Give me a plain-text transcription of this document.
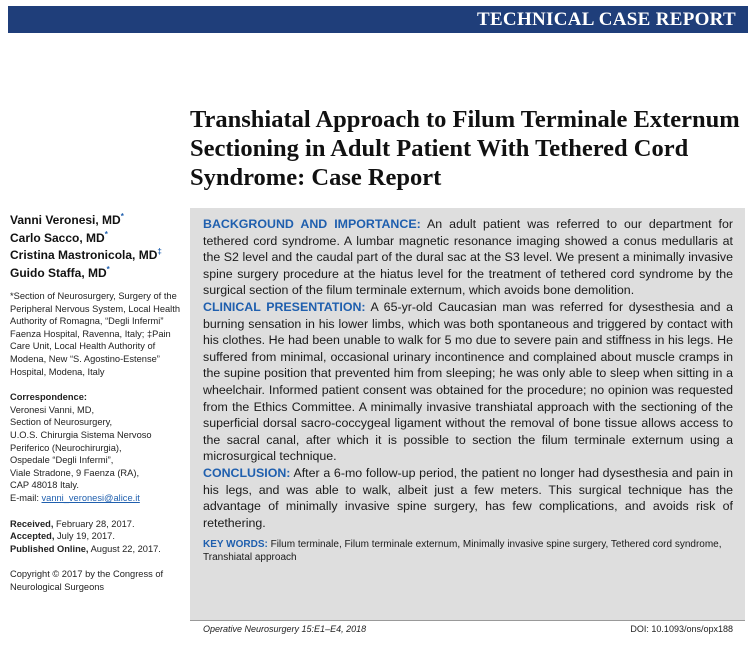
TECHNICAL CASE REPORT
Transhiatal Approach to Filum Terminale Externum Sectioning in Adult Patient With Tethered Cord Syndrome: Case Report
Vanni Veronesi, MD*
Carlo Sacco, MD*
Cristina Mastronicola, MD‡
Guido Staffa, MD*
*Section of Neurosurgery, Surgery of the Peripheral Nervous System, Local Health Authority of Romagna, “Degli Infermi” Faenza Hospital, Ravenna, Italy; ‡Pain Care Unit, Local Health Authority of Modena, New “S. Agostino-Estense” Hospital, Modena, Italy
Correspondence:
Veronesi Vanni, MD,
Section of Neurosurgery,
U.O.S. Chirurgia Sistema Nervoso
Periferico (Neurochirurgia),
Ospedale “Degli Infermi”,
Viale Stradone, 9 Faenza (RA),
CAP 48018 Italy.
E-mail: vanni_veronesi@alice.it
Received, February 28, 2017.
Accepted, July 19, 2017.
Published Online, August 22, 2017.
Copyright © 2017 by the Congress of Neurological Surgeons

BACKGROUND AND IMPORTANCE: An adult patient was referred to our department for tethered cord syndrome. A lumbar magnetic resonance imaging showed a conus medullaris at the S2 level and the caudal part of the dural sac at the S3 level. We present a minimally invasive spine surgery procedure at the hiatus level for the treatment of tethered cord syndrome by the surgical section of the filum terminale externum, which avoids bone demolition.

CLINICAL PRESENTATION: A 65-yr-old Caucasian man was referred for dysesthesia and a burning sensation in his lower limbs, which was both spontaneous and triggered by contact with his clothes. He had been unable to walk for 5 mo due to severe pain and stiffness in his legs. He suffered from minimal, occasional urinary incontinence and complained about muscle cramps in the supine position that prevented him from sleeping; he was only able to sleep when sitting in a wheelchair. Informed patient consent was obtained for the procedure; no opinion was requested from the Ethics Committee. A minimally invasive transhiatal approach with the sectioning of the superficial dorsal sacro-coccygeal ligament without the removal of bone tissue allows access to the sacral canal, after which it is possible to section the filum terminale externum using a microsurgical technique.

CONCLUSION: After a 6-mo follow-up period, the patient no longer had dysesthesia and pain in his legs, and was able to walk, albeit just a few meters. This surgical technique has the advantage of minimally invasive spine surgery, has few complications, and avoids risk of retethering.

KEY WORDS: Filum terminale, Filum terminale externum, Minimally invasive spine surgery, Tethered cord syndrome, Transhiatal approach

Operative Neurosurgery 15:E1–E4, 2018	DOI: 10.1093/ons/opx188
